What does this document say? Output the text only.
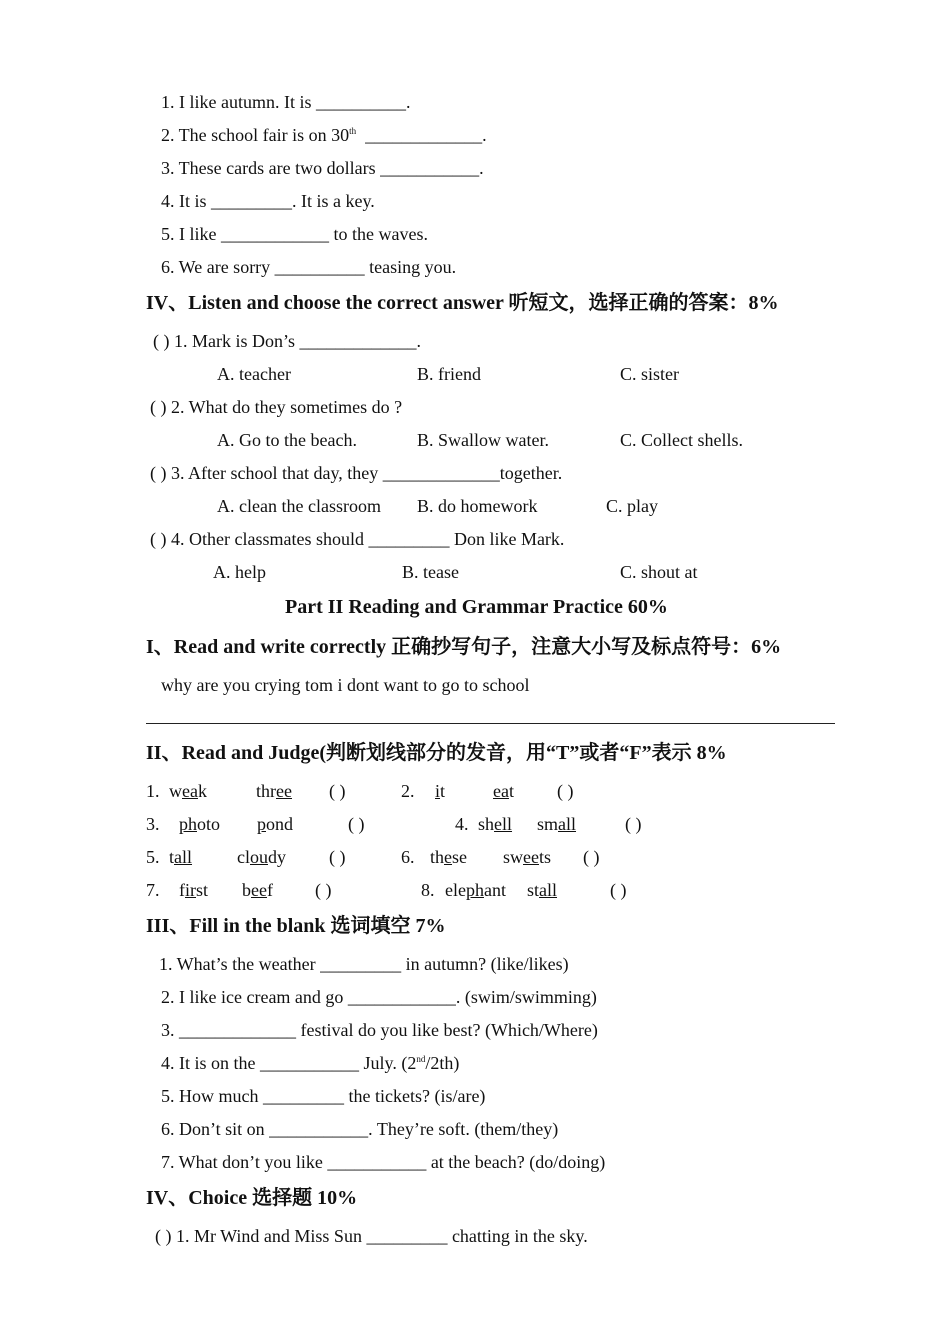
1. I like autumn. It is __________.
2. The school fair is on 30th _____________.
3. These cards are two dollars ___________.
4. It is _________. It is a key.
5. I like ____________ to the waves.
6. We are sorry __________ teasing you.
IV、Listen and choose the correct answer 听短文，选择正确的答案：8%
( ) 1. Mark is Don’s _____________.
A. teacher	B. friend	C. sister
( ) 2. What do they sometimes do ?
A. Go to the beach.	B. Swallow water.	C. Collect shells.
( ) 3. After school that day, they _____________together.
A. clean the classroom B. do homework	C. play
( ) 4. Other classmates should _________ Don like Mark.
A. help	B. tease	C. shout at
Part II Reading and Grammar Practice 60%
I、Read and write correctly 正确抄写句子，注意大小写及标点符号：6%
why are you crying tom i dont want to go to school
II、Read and Judge(判断划线部分的发音，用“T”或者“F”表示 8%
1. weak	three ( )	2. it	eat ( )
3. photo pond	( )	4. shell small	( )
5. tall cloudy ( )	6. these sweets ( )
7. first beef ( )	8. elephant stall	( )
III、Fill in the blank 选词填空 7%
1. What’s the weather _________ in autumn? (like/likes)
2. I like ice cream and go ____________. (swim/swimming)
3. _____________ festival do you like best? (Which/Where)
4. It is on the ___________ July. (2nd/2th)
5. How much _________ the tickets? (is/are)
6. Don’t sit on ___________. They’re soft. (them/they)
7. What don’t you like ___________ at the beach? (do/doing)
IV、Choice 选择题 10%
( ) 1. Mr Wind and Miss Sun _________ chatting in the sky.
